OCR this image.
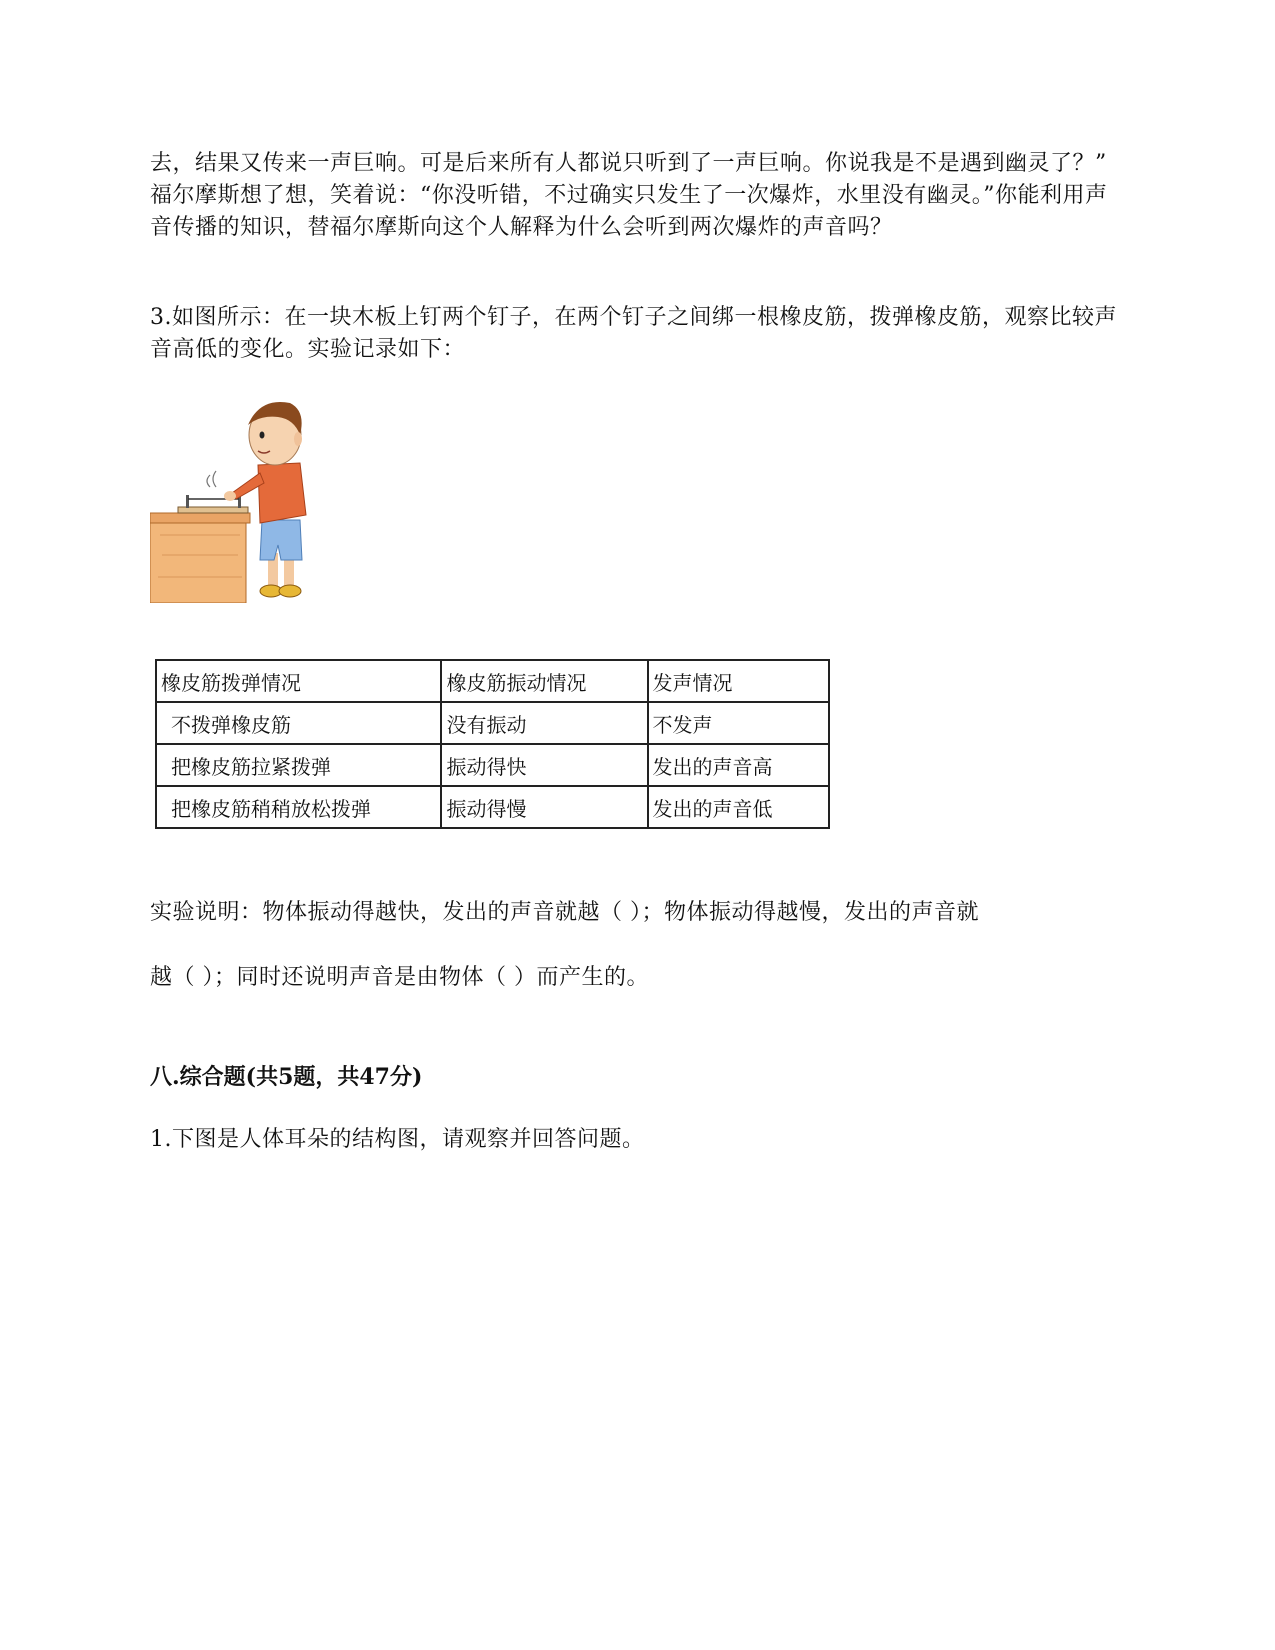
去，结果又传来一声巨响。可是后来所有人都说只听到了一声巨响。你说我是不是遇到幽灵了？” 福尔摩斯想了想，笑着说：“你没听错，不过确实只发生了一次爆炸，水里没有幽灵。”你能利用声音传播的知识，替福尔摩斯向这个人解释为什么会听到两次爆炸的声音吗？

3.如图所示：在一块木板上钉两个钉子，在两个钉子之间绑一根橡皮筋，拨弹橡皮筋，观察比较声音高低的变化。实验记录如下：

橡皮筋拨弹情况	橡皮筋振动情况	发声情况
不拨弹橡皮筋	没有振动	不发声
把橡皮筋拉紧拨弹	振动得快	发出的声音高
把橡皮筋稍稍放松拨弹	振动得慢	发出的声音低

实验说明：物体振动得越快，发出的声音就越（ ）；物体振动得越慢，发出的声音就

越（ ）；同时还说明声音是由物体（ ）而产生的。

八.综合题(共5题，共47分)

1.下图是人体耳朵的结构图，请观察并回答问题。
